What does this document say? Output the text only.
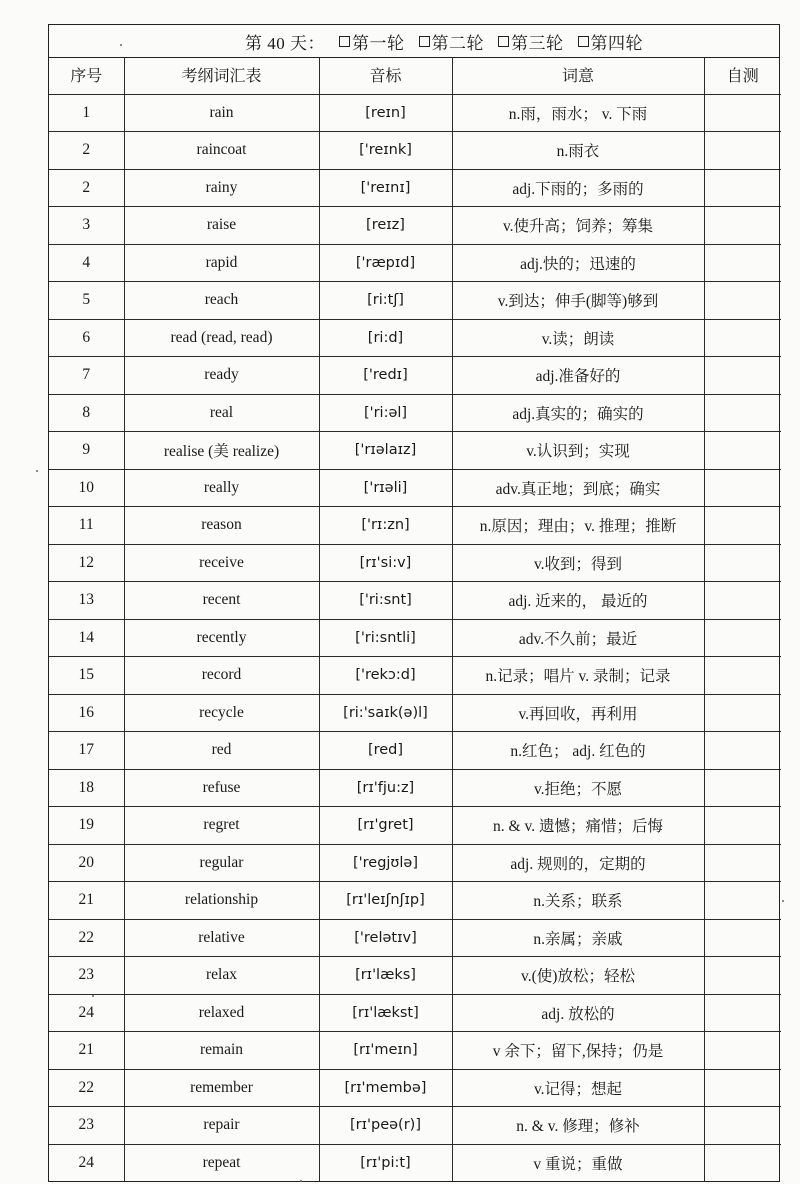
第 40 天： 第一轮 第二轮 第三轮 第四轮
序号	考纲词汇表	音标	词意	自测
1	rain	[reɪn]	n.雨，雨水； v. 下雨	
2	raincoat	['reɪnk]	n.雨衣	
2	rainy	['reɪnɪ]	adj.下雨的；多雨的	
3	raise	[reɪz]	v.使升高；饲养；筹集	
4	rapid	['ræpɪd]	adj.快的；迅速的	
5	reach	[ri:tʃ]	v.到达；伸手(脚等)够到	
6	read (read, read)	[ri:d]	v.读；朗读	
7	ready	['redɪ]	adj.准备好的	
8	real	['ri:əl]	adj.真实的；确实的	
9	realise (美 realize)	['rɪəlaɪz]	v.认识到；实现	
10	really	['rɪəli]	adv.真正地；到底；确实	
11	reason	['rɪ:zn]	n.原因；理由；v. 推理；推断	
12	receive	[rɪ'si:v]	v.收到；得到	
13	recent	['ri:snt]	adj. 近来的， 最近的	
14	recently	['ri:sntli]	adv.不久前；最近	
15	record	['rekɔ:d]	n.记录；唱片 v. 录制；记录	
16	recycle	[ri:'saɪk(ə)l]	v.再回收，再利用	
17	red	[red]	n.红色； adj. 红色的	
18	refuse	[rɪ'fju:z]	v.拒绝；不愿	
19	regret	[rɪ'gret]	n. & v. 遗憾；痛惜；后悔	
20	regular	['regjʊlə]	adj. 规则的，定期的	
21	relationship	[rɪ'leɪʃnʃɪp]	n.关系；联系	
22	relative	['relətɪv]	n.亲属；亲戚	
23	relax	[rɪ'læks]	v.(使)放松；轻松	
24	relaxed	[rɪ'lækst]	adj. 放松的	
21	remain	[rɪ'meɪn]	v 余下；留下,保持；仍是	
22	remember	[rɪ'membə]	v.记得；想起	
23	repair	[rɪ'peə(r)]	n. & v. 修理；修补	
24	repeat	[rɪ'pi:t]	v 重说；重做	
